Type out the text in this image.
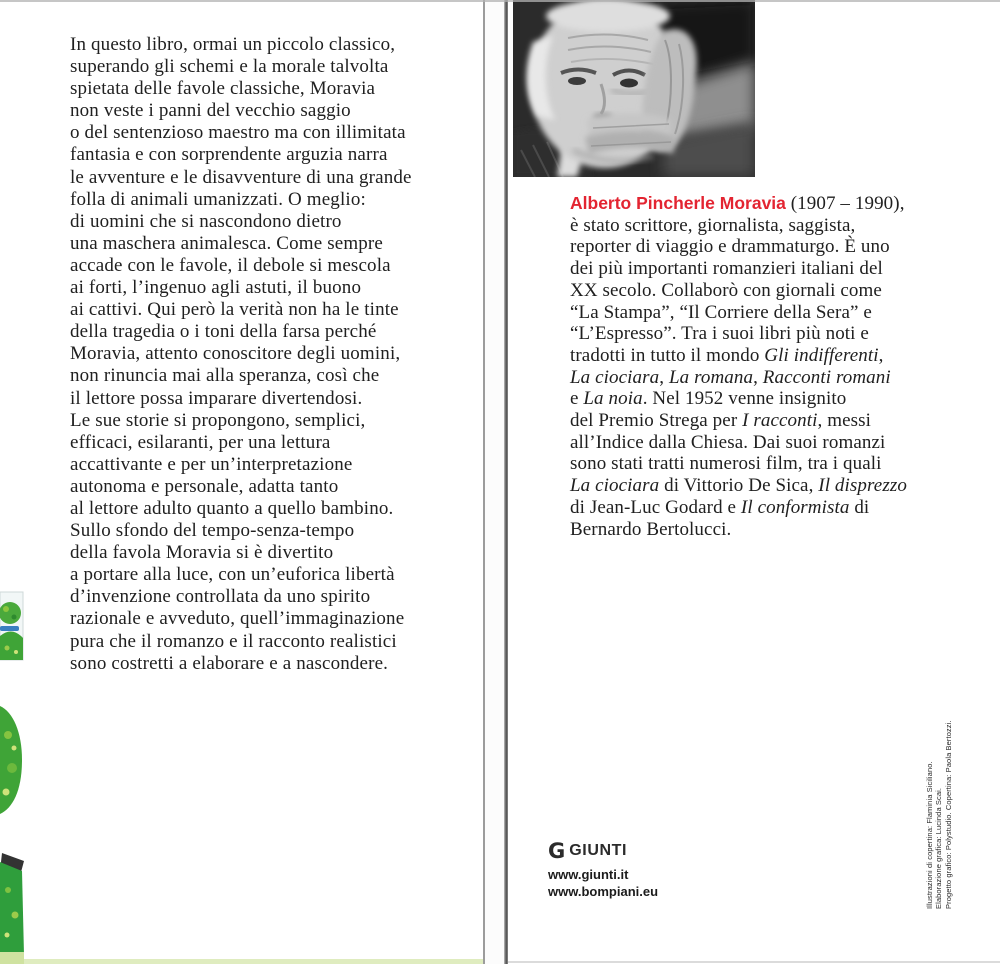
In questo libro, ormai un piccolo classico,
superando gli schemi e la morale talvolta
spietata delle favole classiche, Moravia
non veste i panni del vecchio saggio
o del sentenzioso maestro ma con illimitata
fantasia e con sorprendente arguzia narra
le avventure e le disavventure di una grande
folla di animali umanizzati. O meglio:
di uomini che si nascondono dietro
una maschera animalesca. Come sempre
accade con le favole, il debole si mescola
ai forti, l’ingenuo agli astuti, il buono
ai cattivi. Qui però la verità non ha le tinte
della tragedia o i toni della farsa perché
Moravia, attento conoscitore degli uomini,
non rinuncia mai alla speranza, così che
il lettore possa imparare divertendosi.
Le sue storie si propongono, semplici,
efficaci, esilaranti, per una lettura
accattivante e per un’interpretazione
autonoma e personale, adatta tanto
al lettore adulto quanto a quello bambino.
Sullo sfondo del tempo-senza-tempo
della favola Moravia si è divertito
a portare alla luce, con un’euforica libertà
d’invenzione controllata da uno spirito
razionale e avveduto, quell’immaginazione
pura che il romanzo e il racconto realistici
sono costretti a elaborare e a nascondere.
Alberto Pincherle Moravia (1907 – 1990),
è stato scrittore, giornalista, saggista,
reporter di viaggio e drammaturgo. È uno
dei più importanti romanzieri italiani del
XX secolo. Collaborò con giornali come
“La Stampa”, “Il Corriere della Sera” e
“L’Espresso”. Tra i suoi libri più noti e
tradotti in tutto il mondo Gli indifferenti,
La ciociara, La romana, Racconti romani
e La noia. Nel 1952 venne insignito
del Premio Strega per I racconti, messi
all’Indice dalla Chiesa. Dai suoi romanzi
sono stati tratti numerosi film, tra i quali
La ciociara di Vittorio De Sica, Il disprezzo
di Jean-Luc Godard e Il conformista di
Bernardo Bertolucci.
G GIUNTI
www.giunti.it
www.bompiani.eu	Illustrazioni di copertina: Flaminia Siciliano. Elaborazione grafica: Lucinda Scai. Progetto grafico: Polystudio. Copertina: Paola Bertozzi.
